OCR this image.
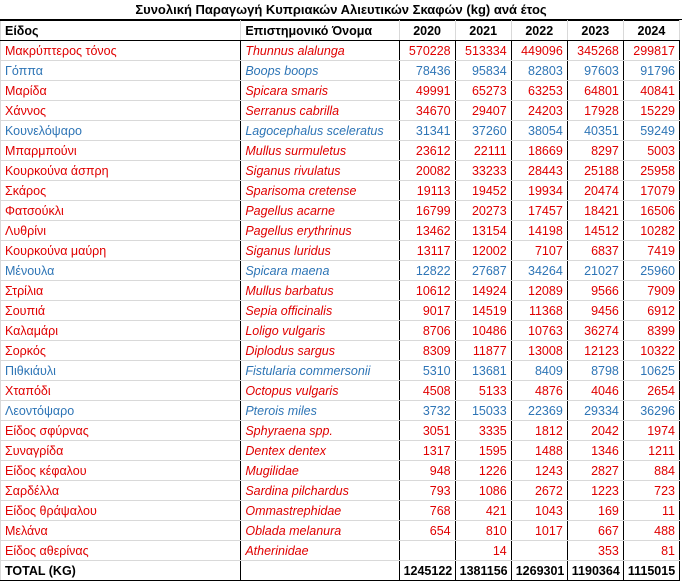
Συνολική Παραγωγή Κυπριακών Αλιευτικών Σκαφών (kg) ανά έτος
Είδος	Επιστημονικό Όνομα	2020	2021	2022	2023	2024
Μακρύπτερος τόνος	Thunnus alalunga	570228	513334	449096	345268	299817
Γόππα	Boops boops	78436	95834	82803	97603	91796
Μαρίδα	Spicara smaris	49991	65273	63253	64801	40841
Χάννος	Serranus cabrilla	34670	29407	24203	17928	15229
Κουνελόψαρο	Lagocephalus sceleratus	31341	37260	38054	40351	59249
Μπαρμπούνι	Mullus surmuletus	23612	22111	18669	8297	5003
Κουρκούνα άσπρη	Siganus rivulatus	20082	33233	28443	25188	25958
Σκάρος	Sparisoma cretense	19113	19452	19934	20474	17079
Φατσούκλι	Pagellus acarne	16799	20273	17457	18421	16506
Λυθρίνι	Pagellus erythrinus	13462	13154	14198	14512	10282
Κουρκούνα μαύρη	Siganus luridus	13117	12002	7107	6837	7419
Μένουλα	Spicara maena	12822	27687	34264	21027	25960
Στρίλια	Mullus barbatus	10612	14924	12089	9566	7909
Σουπιά	Sepia officinalis	9017	14519	11368	9456	6912
Καλαμάρι	Loligo vulgaris	8706	10486	10763	36274	8399
Σορκός	Diplodus sargus	8309	11877	13008	12123	10322
Πιθκιάυλι	Fistularia commersonii	5310	13681	8409	8798	10625
Χταπόδι	Octopus vulgaris	4508	5133	4876	4046	2654
Λεοντόψαρο	Pterois miles	3732	15033	22369	29334	36296
Είδος σφύρνας	Sphyraena spp.	3051	3335	1812	2042	1974
Συναγρίδα	Dentex dentex	1317	1595	1488	1346	1211
Είδος κέφαλου	Mugilidae	948	1226	1243	2827	884
Σαρδέλλα	Sardina pilchardus	793	1086	2672	1223	723
Είδος θράψαλου	Ommastrephidae	768	421	1043	169	11
Μελάνα	Oblada melanura	654	810	1017	667	488
Είδος αθερίνας	Atherinidae		14		353	81
TOTAL (KG)		1245122	1381156	1269301	1190364	1115015
